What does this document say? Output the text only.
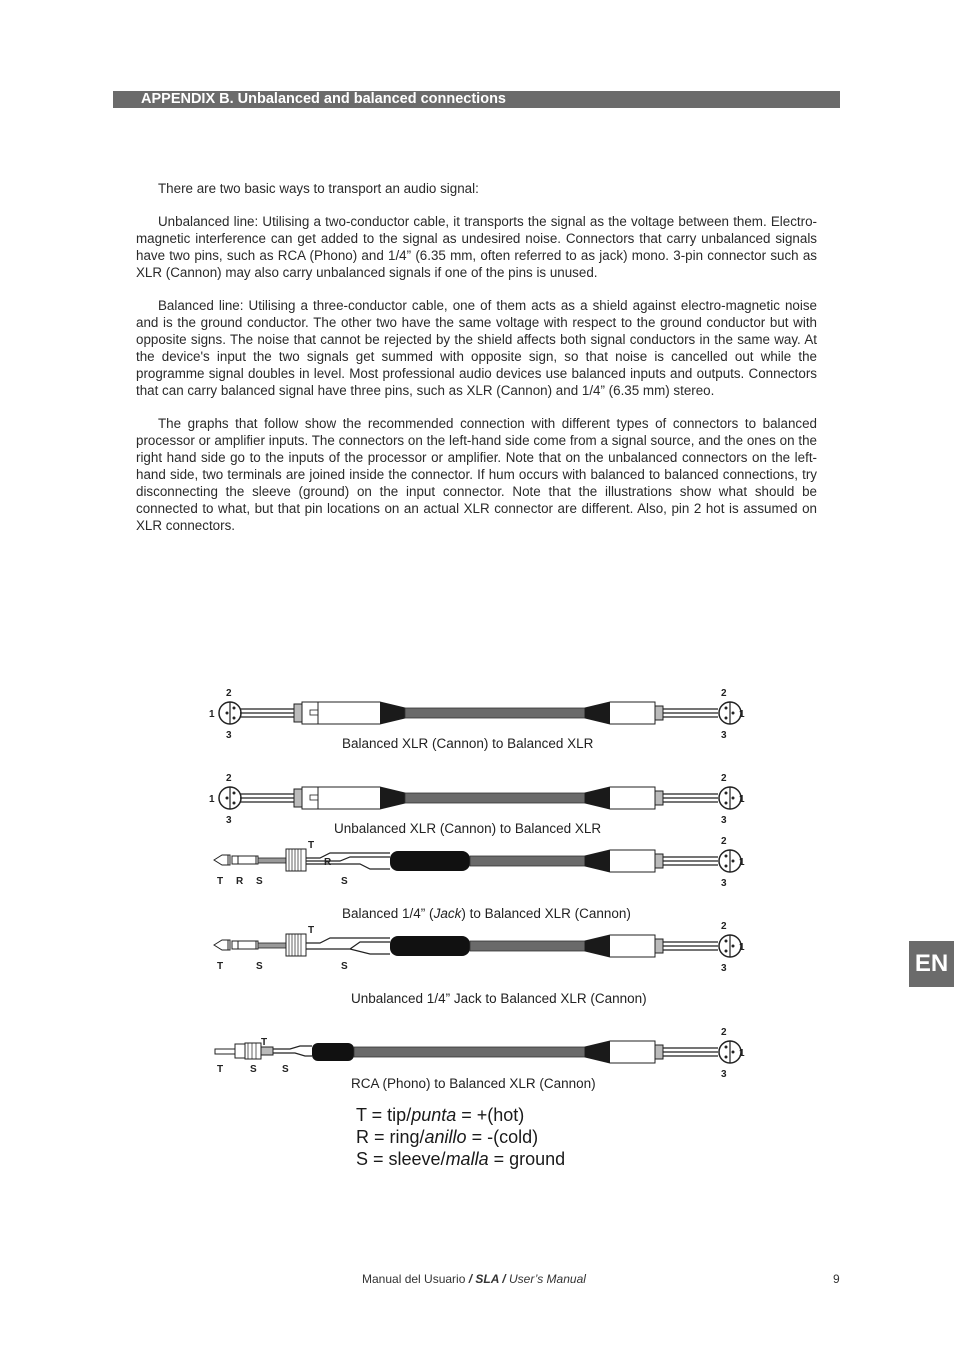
APPENDIX B. Unbalanced and balanced connections

There are two basic ways to transport an audio signal:

Unbalanced line: Utilising a two-conductor cable, it transports the signal as the voltage between them. Electro-magnetic interference can get added to the signal as undesired noise. Connectors that carry unbalanced signals have two pins, such as RCA (Phono) and 1/4” (6.35 mm, often referred to as jack) mono. 3-pin connector such as XLR (Cannon) may also carry unbalanced signals if one of the pins is unused.

Balanced line: Utilising a three-conductor cable, one of them acts as a shield against electro-magnetic noise and is the ground conductor. The other two have the same voltage with respect to the ground conductor but with opposite signs. The noise that cannot be rejected by the shield affects both signal conductors in the same way. At the device's input the two signals get summed with opposite sign, so that noise is cancelled out while the programme signal doubles in level. Most professional audio devices use balanced inputs and outputs. Connectors that can carry balanced signal have three pins, such as XLR (Cannon) and 1/4” (6.35 mm) stereo.

The graphs that follow show the recommended connection with different types of connectors to balanced processor or amplifier inputs. The connectors on the left-hand side come from a signal source, and the ones on the right hand side go to the inputs of the processor or amplifier. Note that on the unbalanced connectors on the left-hand side, two terminals are joined inside the connector. If hum occurs with balanced to balanced connections, try disconnecting the sleeve (ground) on the input connector. Note that the illustrations show what should be connected to what, but that pin locations on an actual XLR connector are different. Also, pin 2 hot is assumed on XLR connectors.

2
1
3
2
1
3
Balanced XLR (Cannon) to Balanced XLR
2
1
3
2
1
3
Unbalanced XLR (Cannon) to Balanced XLR
2
1
3
T
R
S
T R S
Balanced 1/4” (Jack) to Balanced XLR (Cannon)
2
1
3
T
S
T	S
Unbalanced 1/4” Jack to Balanced XLR (Cannon)
2
1
3
T
T	S	S
RCA (Phono) to Balanced XLR (Cannon)
T = tip/punta = +(hot)
R = ring/anillo = -(cold)
S = sleeve/malla = ground
Manual del Usuario / SLA / User’s Manual	9
EN
